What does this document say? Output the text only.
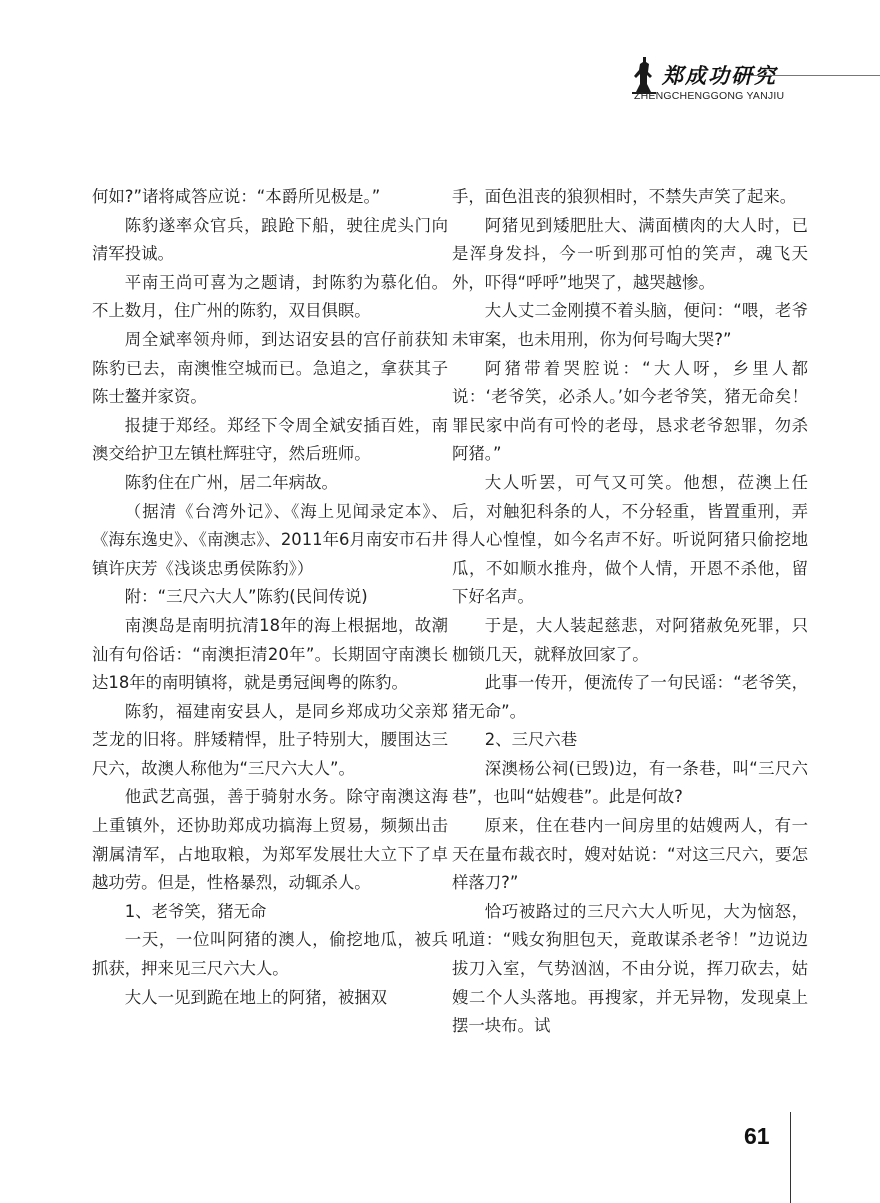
郑成功研究
ZHENGCHENGGONG YANJIU

何如?”诸将咸答应说：“本爵所见极是。”

陈豹遂率众官兵，踉跄下船，驶往虎头门向清军投诚。

平南王尚可喜为之题请，封陈豹为慕化伯。不上数月，住广州的陈豹，双目俱瞑。

周全斌率领舟师，到达诏安县的宫仔前获知陈豹已去，南澳惟空城而已。急追之，拿获其子陈士鳌并家资。

报捷于郑经。郑经下令周全斌安插百姓，南澳交给护卫左镇杜辉驻守，然后班师。

陈豹住在广州，居二年病故。

（据清《台湾外记》、《海上见闻录定本》、《海东逸史》、《南澳志》、2011年6月南安市石井镇许庆芳《浅谈忠勇侯陈豹》）

附：“三尺六大人”陈豹(民间传说)

南澳岛是南明抗清18年的海上根据地，故潮汕有句俗话：“南澳拒清20年”。长期固守南澳长达18年的南明镇将，就是勇冠闽粤的陈豹。

陈豹，福建南安县人，是同乡郑成功父亲郑芝龙的旧将。胖矮精悍，肚子特别大，腰围达三尺六，故澳人称他为“三尺六大人”。

他武艺高强，善于骑射水务。除守南澳这海上重镇外，还协助郑成功搞海上贸易，频频出击潮属清军，占地取粮，为郑军发展壮大立下了卓越功劳。但是，性格暴烈，动辄杀人。

1、老爷笑，猪无命

一天，一位叫阿猪的澳人，偷挖地瓜，被兵抓获，押来见三尺六大人。

大人一见到跪在地上的阿猪，被捆双

手，面色沮丧的狼狈相时，不禁失声笑了起来。

阿猪见到矮肥肚大、满面横肉的大人时，已是浑身发抖，今一听到那可怕的笑声，魂飞天外，吓得“呼呼”地哭了，越哭越惨。

大人丈二金刚摸不着头脑，便问：“喂，老爷未审案，也未用刑，你为何号啕大哭?”

阿猪带着哭腔说：“大人呀，乡里人都说：‘老爷笑，必杀人。’如今老爷笑，猪无命矣！罪民家中尚有可怜的老母，恳求老爷恕罪，勿杀阿猪。”

大人听罢，可气又可笑。他想，莅澳上任后，对触犯科条的人，不分轻重，皆置重刑，弄得人心惶惶，如今名声不好。听说阿猪只偷挖地瓜，不如顺水推舟，做个人情，开恩不杀他，留下好名声。

于是，大人装起慈悲，对阿猪赦免死罪，只枷锁几天，就释放回家了。

此事一传开，便流传了一句民谣：“老爷笑，猪无命”。

2、三尺六巷

深澳杨公祠(已毁)边，有一条巷，叫“三尺六巷”，也叫“姑嫂巷”。此是何故?

原来，住在巷内一间房里的姑嫂两人，有一天在量布裁衣时，嫂对姑说：“对这三尺六，要怎样落刀?”

恰巧被路过的三尺六大人听见，大为恼怒，吼道：“贱女狗胆包天，竟敢谋杀老爷！”边说边拔刀入室，气势汹汹，不由分说，挥刀砍去，姑嫂二个人头落地。再搜家，并无异物，发现桌上摆一块布。试

61
